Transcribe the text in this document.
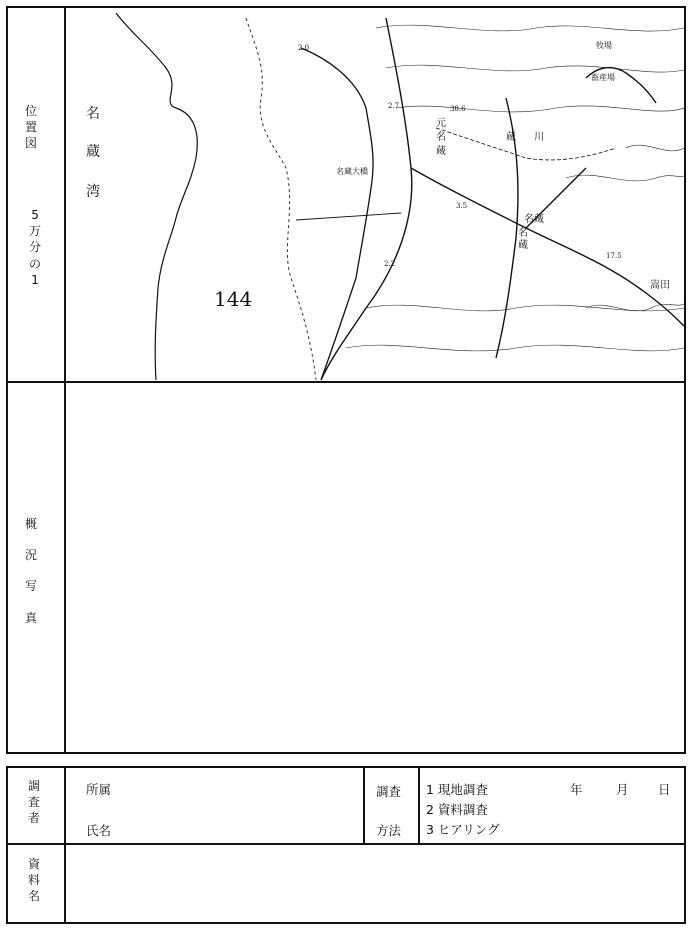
位
置
図
5
万
分
の
1
名
蔵
湾
144
元
名
蔵
蔵 川
名蔵大橋
名蔵
名
蔵
牧場
畜産場
嵩田
2.0
2.7
3.5
38.6
2.2
17.5
概
況
写
真
調
査
者
所属
氏名
調査
方法
1 現地調査
2 資料調査
3 ヒアリング
年	月 日
資
料
名
